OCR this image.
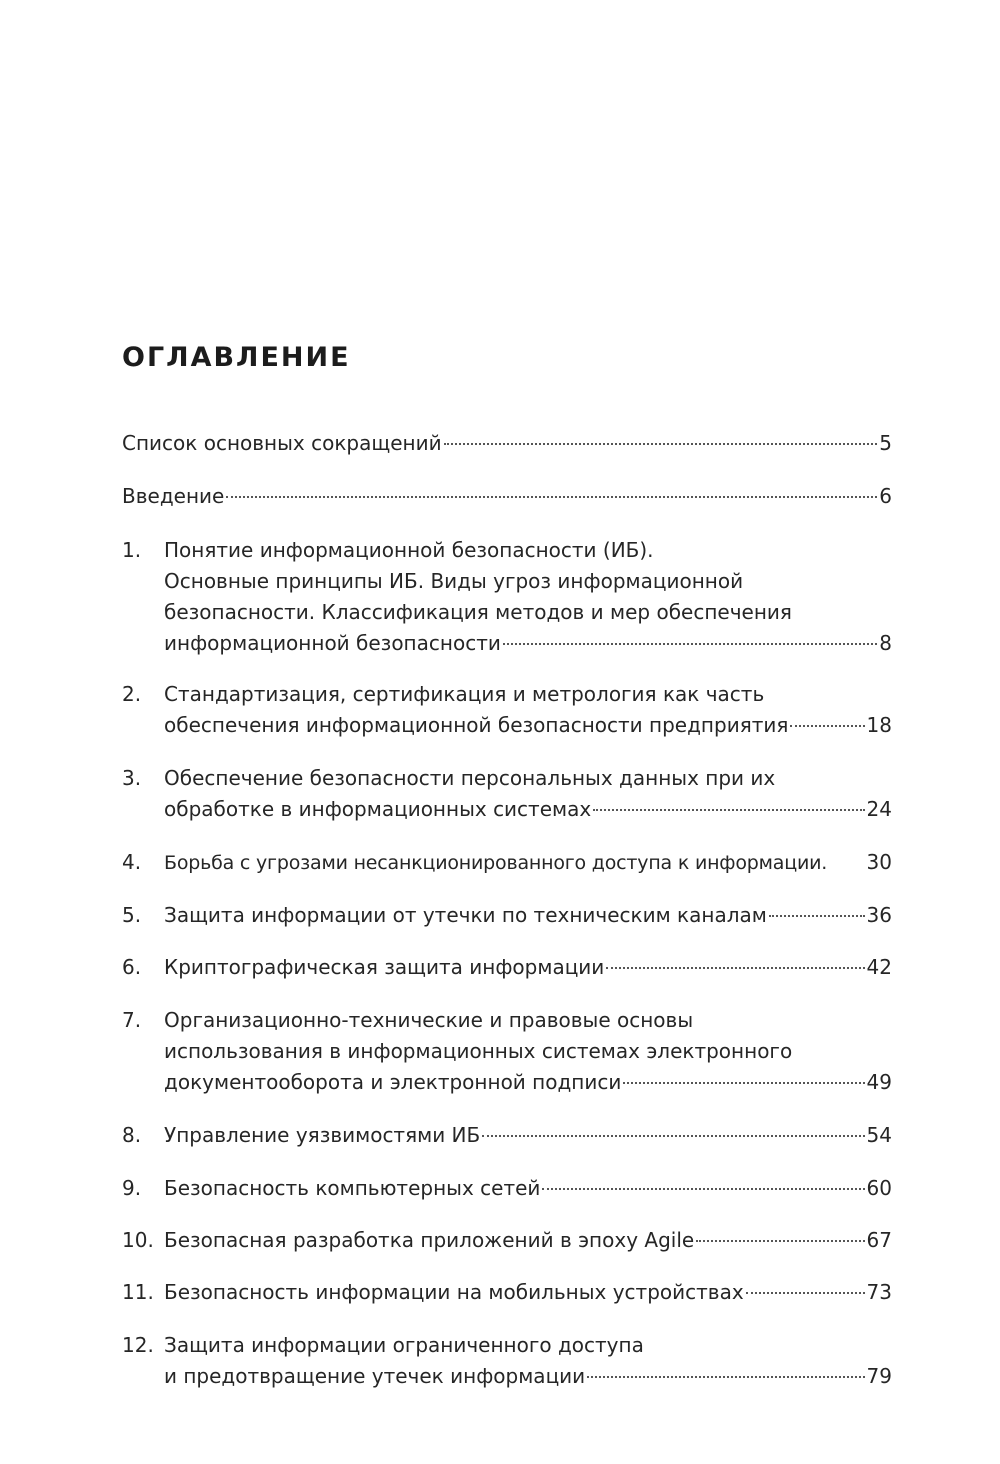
ОГЛАВЛЕНИЕ
Список основных сокращений	5
Введение	6
1.	Понятие информационной безопасности (ИБ).
Основные принципы ИБ. Виды угроз информационной
безопасности. Классификация методов и мер обеспечения
информационной безопасности	8
2.	Стандартизация, сертификация и метрология как часть
обеспечения информационной безопасности предприятия	18
3.	Обеспечение безопасности персональных данных при их
обработке в информационных системах	24
4.	Борьба с угрозами несанкционированного доступа к информации. 30
5.	Защита информации от утечки по техническим каналам	36
6.	Криптографическая защита информации	42
7.	Организационно-технические и правовые основы
использования в информационных системах электронного
документооборота и электронной подписи	49
8.	Управление уязвимостями ИБ	54
9.	Безопасность компьютерных сетей	60
10. Безопасная разработка приложений в эпоху Agile	67
11. Безопасность информации на мобильных устройствах	73
12. Защита информации ограниченного доступа
и предотвращение утечек информации	79
